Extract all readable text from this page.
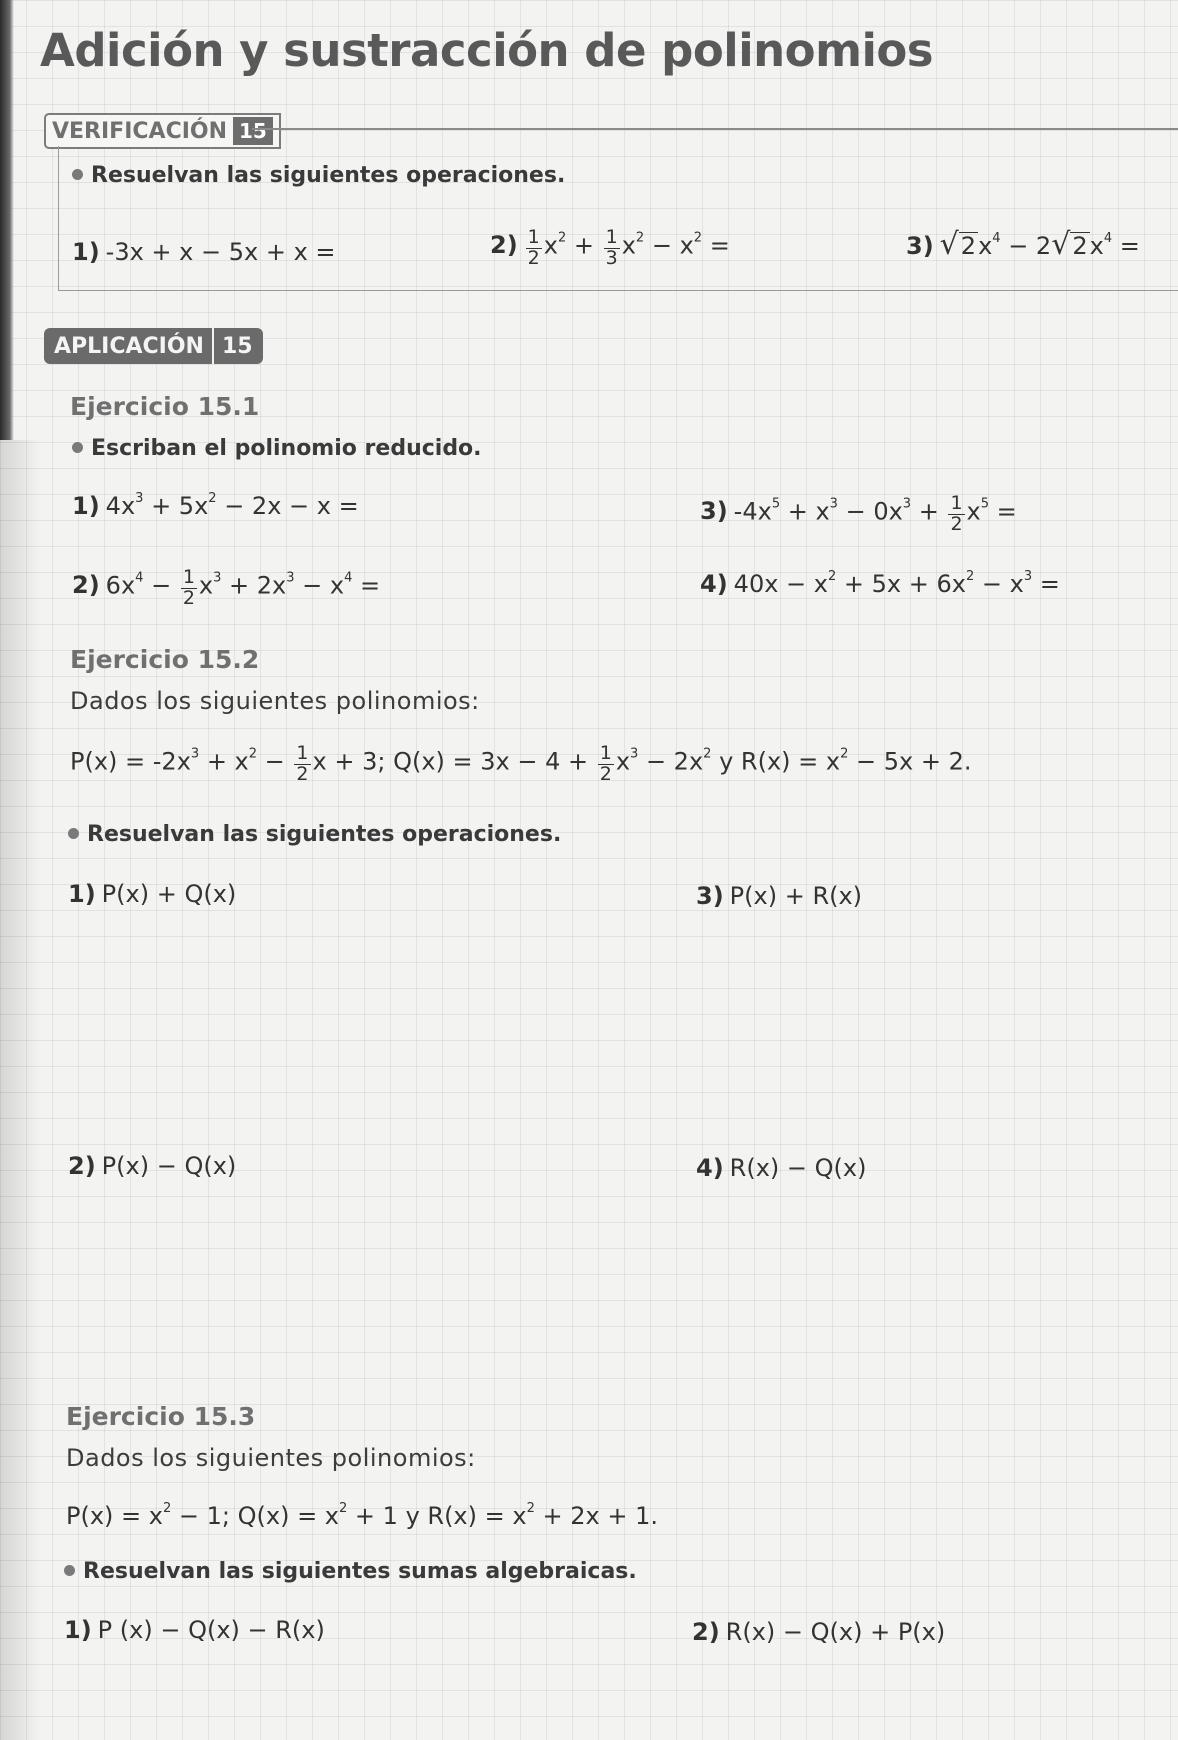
Adición y sustracción de polinomios
VERIFICACIÓN 15
Resuelvan las siguientes operaciones.
1) -3x + x − 5x + x =	$2) \frac{1}{2} x^2 + \frac{1}{3} x^2 - x^2$ =	3) $√2x^4 - 2√2x^4$ =
APLICACIÓN 15
Ejercicio 15.1
Escriban el polinomio reducido.
1) $4x^3 + 5x^2 - 2x - x$ =
2) $6x^4 - \frac{1}{2} x^3 + 2x^3 - x^4$ =
3) $-4x^5 + x^3 - 0x^3 + \frac{1}{2} x^5$ =
4) $40x - x^2 + 5x + 6x^2 - x^3$ =
Ejercicio 15.2
Dados los siguientes polinomios:
$P(x) = -2x^3 + x^2 - \frac{1}{2}$ x + 3; $Q(x) = 3x - 4 + \frac{1}{2} x^3 - 2x^2$ y $R(x) = x^2 - 5x + 2$.
Resuelvan las siguientes operaciones.
1) P(x) + Q(x)	3) P(x) + R(x)
2) P(x) − Q(x)	4) R(x) − Q(x)
Ejercicio 15.3
Dados los siguientes polinomios:
$P(x) = x^2 - 1$; $Q(x) = x^2 + 1$ y $R(x) = x^2 + 2x + 1$.
Resuelvan las siguientes sumas algebraicas.
1) P (x) − Q(x) − R(x)	2) R(x) − Q(x) + P(x)
